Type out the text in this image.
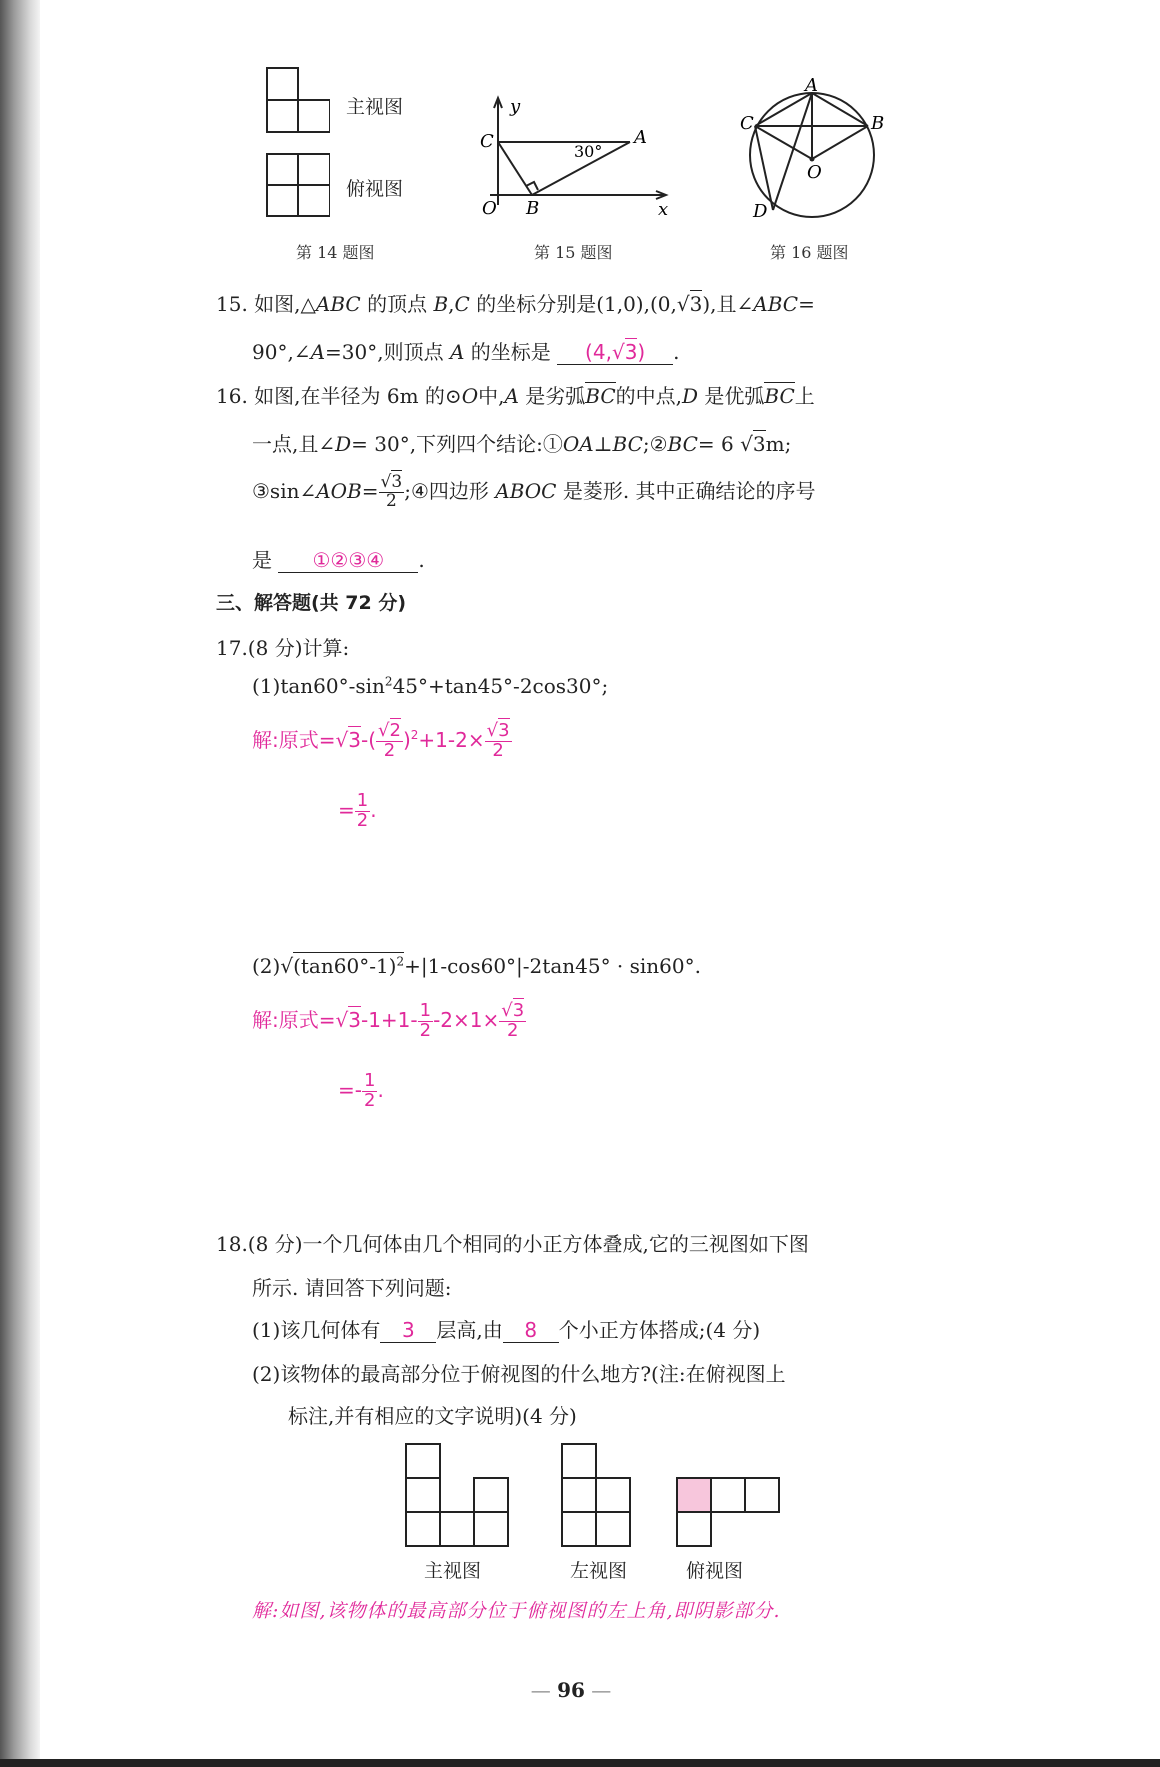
主视图
俯视图
第 14 题图
y
x
O B
C	A
30°
第 15 题图
A
B
C
D
O
第 16 题图
15. 如图,△ABC 的顶点 B,C 的坐标分别是(1,0),(0,√3),且∠ABC=
90°,∠A=30°,则顶点 A 的坐标是 (4,√3) .
16. 如图,在半径为 6m 的⊙O中,A 是劣弧BC的中点,D 是优弧BC上
一点,且∠D= 30°,下列四个结论:①OA⊥BC;②BC= 6 √3m;
③sin∠AOB= $\frac{√3}{2}$ ;④四边形 ABOC 是菱形. 其中正确结论的序号
是 ①②③④ .
三、解答题(共 72 分)
17.(8 分)计算:
$(1)\tan 60^\circ-\sin^245^\circ+\tan 45^\circ-2\cos 30^\circ$;
解:原式$=√3-( \frac{√2}{2} )^2+1-2\times \frac{√3}{2}$
= $\frac{1}{2}$ .
$(2)√(\tan 60^\circ-1)^2+|1-\cos 60^\circ|-2\tan 45^\circ \cdot \sin 60^\circ$.
解:原式$=√3-1+1- \frac{1}{2} -2\times 1\times \frac{√3}{2}$
=- $\frac{1}{2}$ .
18.(8 分)一个几何体由几个相同的小正方体叠成,它的三视图如下图
所示. 请回答下列问题:
(1)该几何体有 3 层高,由 8 个小正方体搭成;(4 分)
(2)该物体的最高部分位于俯视图的什么地方?(注:在俯视图上
标注,并有相应的文字说明)(4 分)
主视图	左视图	俯视图
解:如图,该物体的最高部分位于俯视图的左上角,即阴影部分.
— 96 —
